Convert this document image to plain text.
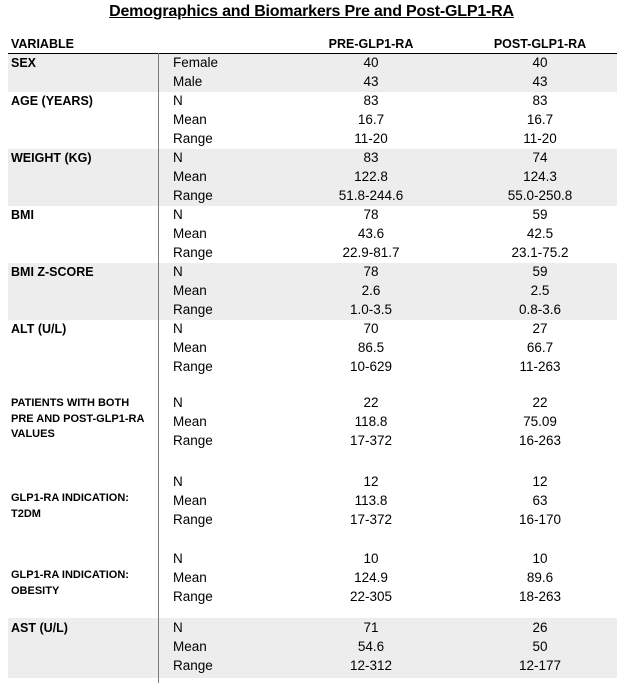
Demographics and Biomarkers Pre and Post-GLP1-RA
VARIABLE	PRE-GLP1-RA	POST-GLP1-RA
SEX	Female	40	40
Male	43	43
AGE (YEARS)	N	83	83
Mean	16.7	16.7
Range	11-20	11-20
WEIGHT (KG)	N	83	74
Mean	122.8	124.3
Range	51.8-244.6	55.0-250.8
BMI	N	78	59
Mean	43.6	42.5
Range	22.9-81.7	23.1-75.2
BMI Z-SCORE	N	78	59
Mean	2.6	2.5
Range	1.0-3.5	0.8-3.6
ALT (U/L)	N	70	27
Mean	86.5	66.7
Range	10-629	11-263
PATIENTS WITH BOTH
PRE AND POST-GLP1-RA
VALUES
N	22	22
Mean	118.8	75.09
Range	17-372	16-263
GLP1-RA INDICATION:
T2DM
N	12	12
Mean	113.8	63
Range	17-372	16-170
GLP1-RA INDICATION:
OBESITY
N	10	10
Mean	124.9	89.6
Range	22-305	18-263
AST (U/L)	N	71	26
Mean	54.6	50
Range	12-312	12-177
